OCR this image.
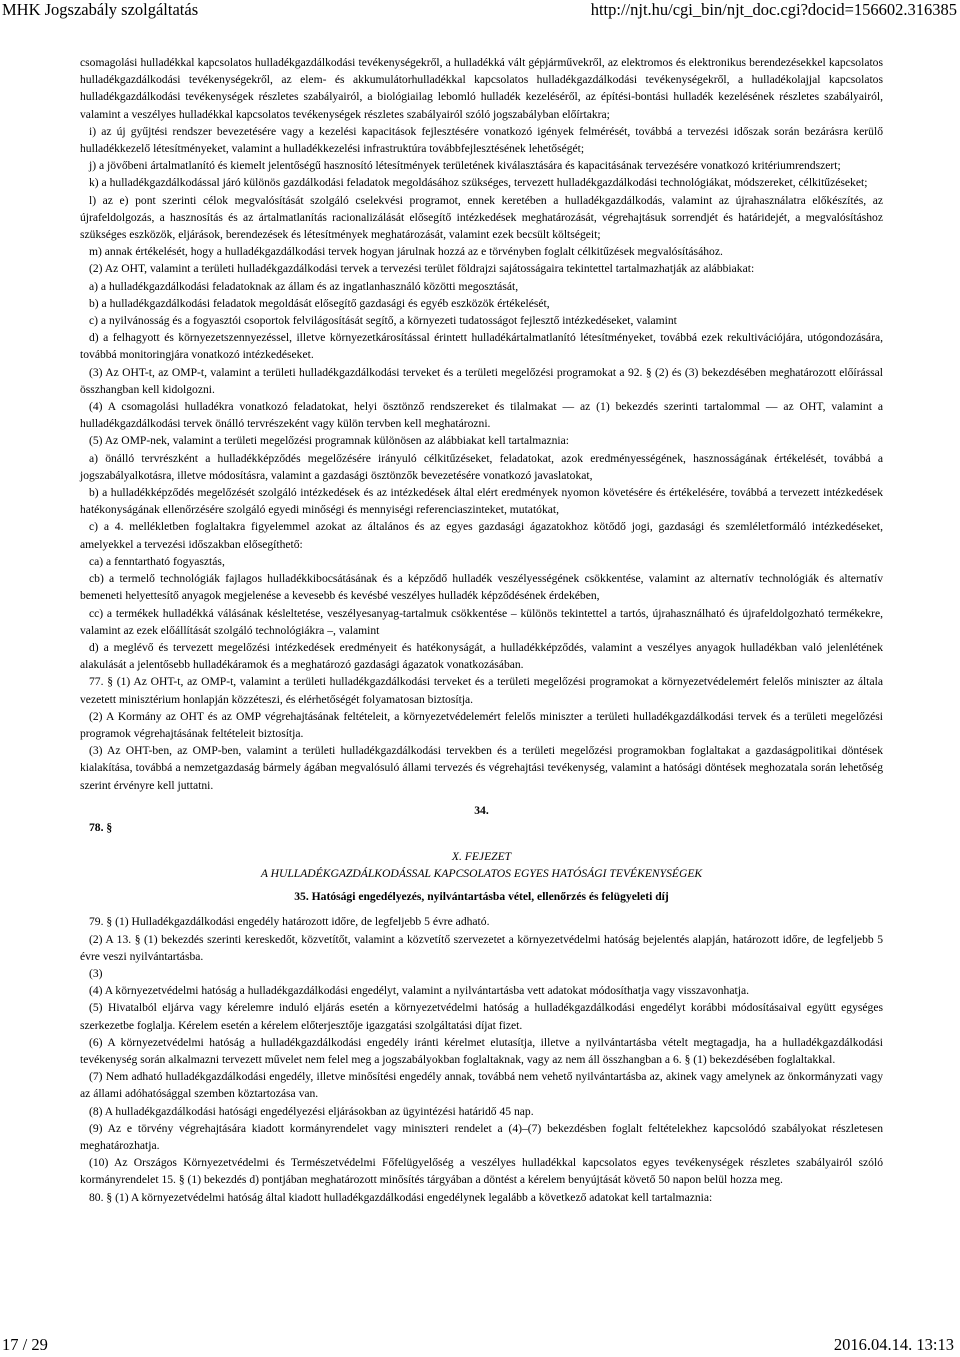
MHK Jogszabály szolgáltatás	http://njt.hu/cgi_bin/njt_doc.cgi?docid=156602.316385

csomagolási hulladékkal kapcsolatos hulladékgazdálkodási tevékenységekről, a hulladékká vált gépjárművekről, az elektromos és elektronikus berendezésekkel kapcsolatos hulladékgazdálkodási tevékenységekről, az elem- és akkumulátorhulladékkal kapcsolatos hulladékgazdálkodási tevékenységekről, a hulladékolajjal kapcsolatos hulladékgazdálkodási tevékenységek részletes szabályairól, a biológiailag lebomló hulladék kezeléséről, az építési-bontási hulladék kezelésének részletes szabályairól, valamint a veszélyes hulladékkal kapcsolatos tevékenységek részletes szabályairól szóló jogszabályban előírtakra;

i) az új gyűjtési rendszer bevezetésére vagy a kezelési kapacitások fejlesztésére vonatkozó igények felmérését, továbbá a tervezési időszak során bezárásra kerülő hulladékkezelő létesítményeket, valamint a hulladékkezelési infrastruktúra továbbfejlesztésének lehetőségét;

j) a jövőbeni ártalmatlanító és kiemelt jelentőségű hasznosító létesítmények területének kiválasztására és kapacitásának tervezésére vonatkozó kritériumrendszert;

k) a hulladékgazdálkodással járó különös gazdálkodási feladatok megoldásához szükséges, tervezett hulladékgazdálkodási technológiákat, módszereket, célkitűzéseket;

l) az e) pont szerinti célok megvalósítását szolgáló cselekvési programot, ennek keretében a hulladékgazdálkodás, valamint az újrahasználatra előkészítés, az újrafeldolgozás, a hasznosítás és az ártalmatlanítás racionalizálását elősegítő intézkedések meghatározását, végrehajtásuk sorrendjét és határidejét, a megvalósításhoz szükséges eszközök, eljárások, berendezések és létesítmények meghatározását, valamint ezek becsült költségeit;

m) annak értékelését, hogy a hulladékgazdálkodási tervek hogyan járulnak hozzá az e törvényben foglalt célkitűzések megvalósításához.

(2) Az OHT, valamint a területi hulladékgazdálkodási tervek a tervezési terület földrajzi sajátosságaira tekintettel tartalmazhatják az alábbiakat:

a) a hulladékgazdálkodási feladatoknak az állam és az ingatlanhasználó közötti megosztását,

b) a hulladékgazdálkodási feladatok megoldását elősegítő gazdasági és egyéb eszközök értékelését,

c) a nyilvánosság és a fogyasztói csoportok felvilágosítását segítő, a környezeti tudatosságot fejlesztő intézkedéseket, valamint

d) a felhagyott és környezetszennyezéssel, illetve környezetkárosítással érintett hulladékártalmatlanító létesítményeket, továbbá ezek rekultivációjára, utógondozására, továbbá monitoringjára vonatkozó intézkedéseket.

(3) Az OHT-t, az OMP-t, valamint a területi hulladékgazdálkodási terveket és a területi megelőzési programokat a 92. § (2) és (3) bekezdésében meghatározott előírással összhangban kell kidolgozni.

(4) A csomagolási hulladékra vonatkozó feladatokat, helyi ösztönző rendszereket és tilalmakat — az (1) bekezdés szerinti tartalommal — az OHT, valamint a hulladékgazdálkodási tervek önálló tervrészeként vagy külön tervben kell meghatározni.

(5) Az OMP-nek, valamint a területi megelőzési programnak különösen az alábbiakat kell tartalmaznia:

a) önálló tervrészként a hulladékképződés megelőzésére irányuló célkitűzéseket, feladatokat, azok eredményességének, hasznosságának értékelését, továbbá a jogszabályalkotásra, illetve módosításra, valamint a gazdasági ösztönzők bevezetésére vonatkozó javaslatokat,

b) a hulladékképződés megelőzését szolgáló intézkedések és az intézkedések által elért eredmények nyomon követésére és értékelésére, továbbá a tervezett intézkedések hatékonyságának ellenőrzésére szolgáló egyedi minőségi és mennyiségi referenciaszinteket, mutatókat,

c) a 4. mellékletben foglaltakra figyelemmel azokat az általános és az egyes gazdasági ágazatokhoz kötődő jogi, gazdasági és szemléletformáló intézkedéseket, amelyekkel a tervezési időszakban elősegíthető:

ca) a fenntartható fogyasztás,

cb) a termelő technológiák fajlagos hulladékkibocsátásának és a képződő hulladék veszélyességének csökkentése, valamint az alternatív technológiák és alternatív bemeneti helyettesítő anyagok megjelenése a kevesebb és kevésbé veszélyes hulladék képződésének érdekében,

cc) a termékek hulladékká válásának késleltetése, veszélyesanyag-tartalmuk csökkentése – különös tekintettel a tartós, újrahasználható és újrafeldolgozható termékekre, valamint az ezek előállítását szolgáló technológiákra –, valamint

d) a meglévő és tervezett megelőzési intézkedések eredményeit és hatékonyságát, a hulladékképződés, valamint a veszélyes anyagok hulladékban való jelenlétének alakulását a jelentősebb hulladékáramok és a meghatározó gazdasági ágazatok vonatkozásában.

77. § (1) Az OHT-t, az OMP-t, valamint a területi hulladékgazdálkodási terveket és a területi megelőzési programokat a környezetvédelemért felelős miniszter az általa vezetett minisztérium honlapján közzéteszi, és elérhetőségét folyamatosan biztosítja.

(2) A Kormány az OHT és az OMP végrehajtásának feltételeit, a környezetvédelemért felelős miniszter a területi hulladékgazdálkodási tervek és a területi megelőzési programok végrehajtásának feltételeit biztosítja.

(3) Az OHT-ben, az OMP-ben, valamint a területi hulladékgazdálkodási tervekben és a területi megelőzési programokban foglaltakat a gazdaságpolitikai döntések kialakítása, továbbá a nemzetgazdaság bármely ágában megvalósuló állami tervezés és végrehajtási tevékenység, valamint a hatósági döntések meghozatala során lehetőség szerint érvényre kell juttatni.

34.
78. §
X. FEJEZET
A HULLADÉKGAZDÁLKODÁSSAL KAPCSOLATOS EGYES HATÓSÁGI TEVÉKENYSÉGEK
35. Hatósági engedélyezés, nyilvántartásba vétel, ellenőrzés és felügyeleti díj

79. § (1) Hulladékgazdálkodási engedély határozott időre, de legfeljebb 5 évre adható.

(2) A 13. § (1) bekezdés szerinti kereskedőt, közvetítőt, valamint a közvetítő szervezetet a környezetvédelmi hatóság bejelentés alapján, határozott időre, de legfeljebb 5 évre veszi nyilvántartásba.

(3)

(4) A környezetvédelmi hatóság a hulladékgazdálkodási engedélyt, valamint a nyilvántartásba vett adatokat módosíthatja vagy visszavonhatja.

(5) Hivatalból eljárva vagy kérelemre induló eljárás esetén a környezetvédelmi hatóság a hulladékgazdálkodási engedélyt korábbi módosításaival együtt egységes szerkezetbe foglalja. Kérelem esetén a kérelem előterjesztője igazgatási szolgáltatási díjat fizet.

(6) A környezetvédelmi hatóság a hulladékgazdálkodási engedély iránti kérelmet elutasítja, illetve a nyilvántartásba vételt megtagadja, ha a hulladékgazdálkodási tevékenység során alkalmazni tervezett művelet nem felel meg a jogszabályokban foglaltaknak, vagy az nem áll összhangban a 6. § (1) bekezdésében foglaltakkal.

(7) Nem adható hulladékgazdálkodási engedély, illetve minősítési engedély annak, továbbá nem vehető nyilvántartásba az, akinek vagy amelynek az önkormányzati vagy az állami adóhatósággal szemben köztartozása van.

(8) A hulladékgazdálkodási hatósági engedélyezési eljárásokban az ügyintézési határidő 45 nap.

(9) Az e törvény végrehajtására kiadott kormányrendelet vagy miniszteri rendelet a (4)–(7) bekezdésben foglalt feltételekhez kapcsolódó szabályokat részletesen meghatározhatja.

(10) Az Országos Környezetvédelmi és Természetvédelmi Főfelügyelőség a veszélyes hulladékkal kapcsolatos egyes tevékenységek részletes szabályairól szóló kormányrendelet 15. § (1) bekezdés d) pontjában meghatározott minősítés tárgyában a döntést a kérelem benyújtását követő 50 napon belül hozza meg.

80. § (1) A környezetvédelmi hatóság által kiadott hulladékgazdálkodási engedélynek legalább a következő adatokat kell tartalmaznia:

17 / 29	2016.04.14. 13:13
